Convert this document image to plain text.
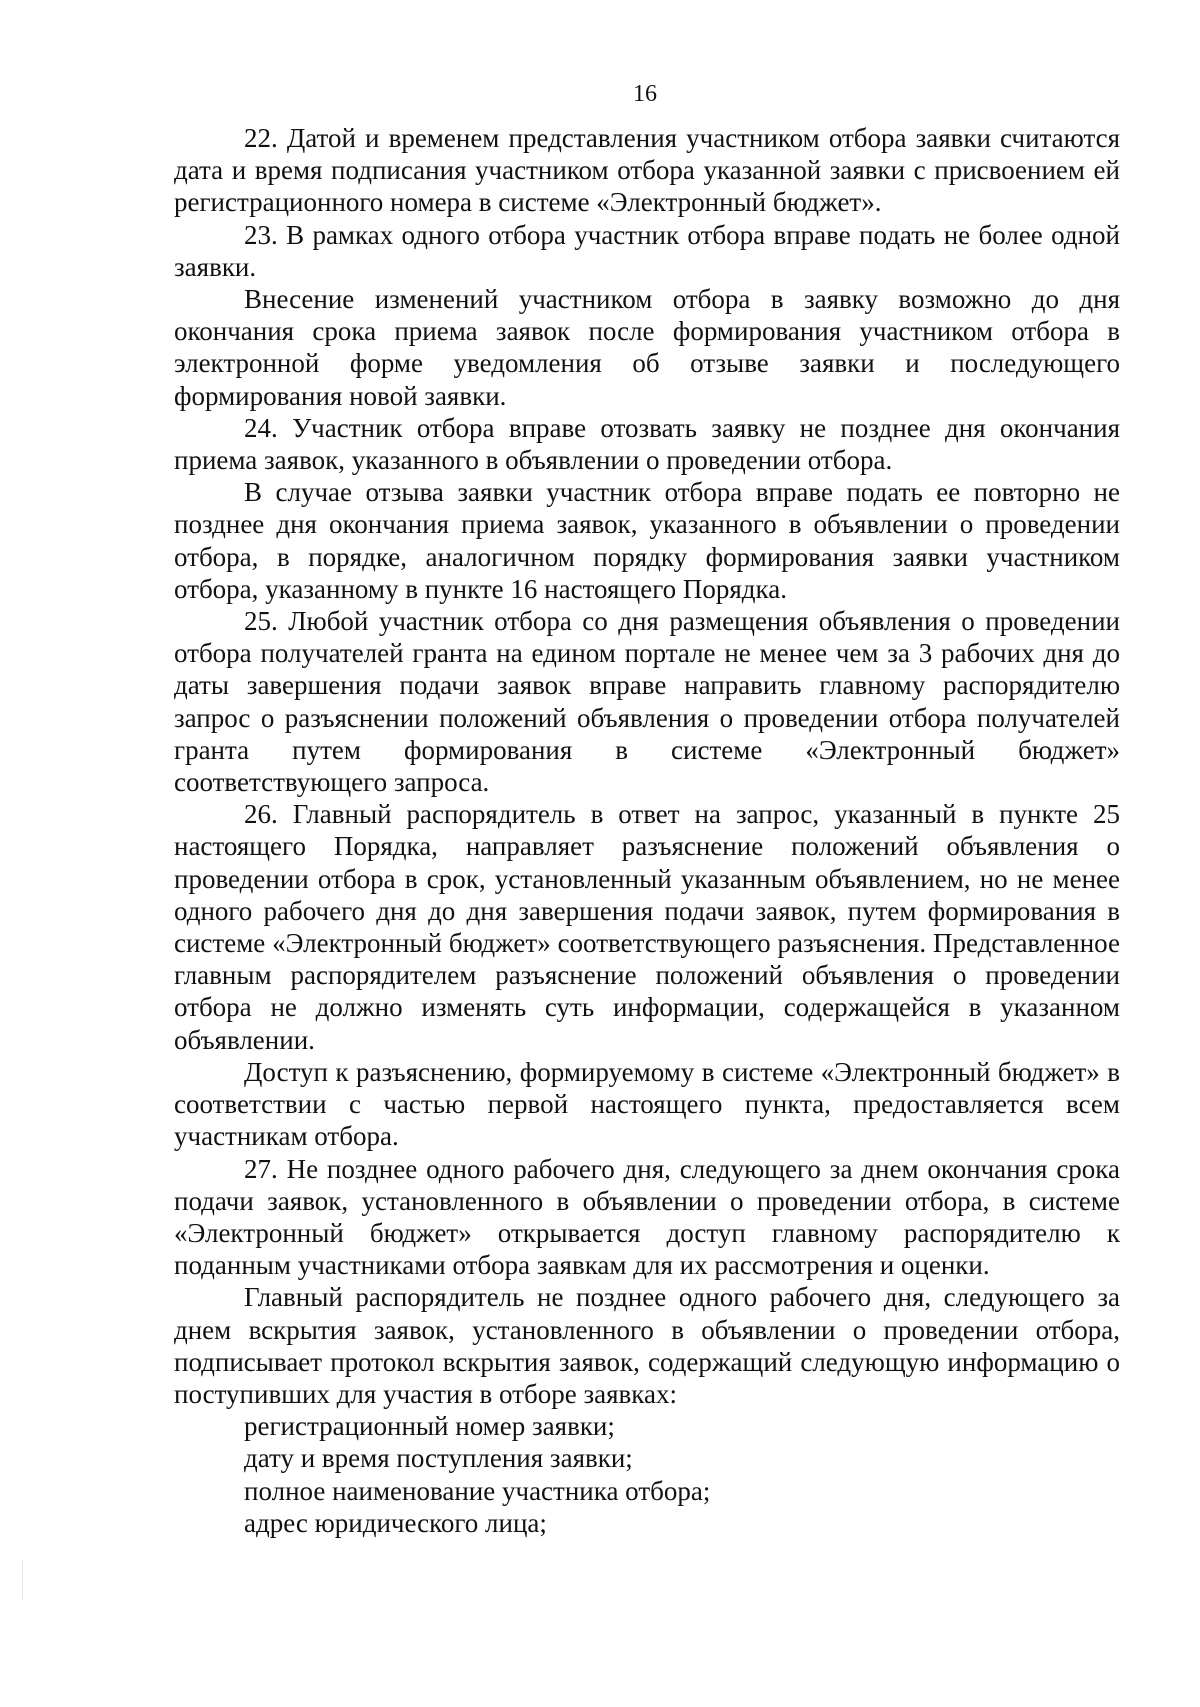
16

22. Датой и временем представления участником отбора заявки считаются дата и время подписания участником отбора указанной заявки с присвоением ей регистрационного номера в системе «Электронный бюджет».

23. В рамках одного отбора участник отбора вправе подать не более одной заявки.

Внесение изменений участником отбора в заявку возможно до дня окончания срока приема заявок после формирования участником отбора в электронной форме уведомления об отзыве заявки и последующего формирования новой заявки.

24. Участник отбора вправе отозвать заявку не позднее дня окончания приема заявок, указанного в объявлении о проведении отбора.

В случае отзыва заявки участник отбора вправе подать ее повторно не позднее дня окончания приема заявок, указанного в объявлении о проведении отбора, в порядке, аналогичном порядку формирования заявки участником отбора, указанному в пункте 16 настоящего Порядка.

25. Любой участник отбора со дня размещения объявления о проведении отбора получателей гранта на едином портале не менее чем за 3 рабочих дня до даты завершения подачи заявок вправе направить главному распорядителю запрос о разъяснении положений объявления о проведении отбора получателей гранта путем формирования в системе «Электронный бюджет» соответствующего запроса.

26. Главный распорядитель в ответ на запрос, указанный в пункте 25 настоящего Порядка, направляет разъяснение положений объявления о проведении отбора в срок, установленный указанным объявлением, но не менее одного рабочего дня до дня завершения подачи заявок, путем формирования в системе «Электронный бюджет» соответствующего разъяснения. Представленное главным распорядителем разъяснение положений объявления о проведении отбора не должно изменять суть информации, содержащейся в указанном объявлении.

Доступ к разъяснению, формируемому в системе «Электронный бюджет» в соответствии с частью первой настоящего пункта, предоставляется всем участникам отбора.

27. Не позднее одного рабочего дня, следующего за днем окончания срока подачи заявок, установленного в объявлении о проведении отбора, в системе «Электронный бюджет» открывается доступ главному распорядителю к поданным участниками отбора заявкам для их рассмотрения и оценки.

Главный распорядитель не позднее одного рабочего дня, следующего за днем вскрытия заявок, установленного в объявлении о проведении отбора, подписывает протокол вскрытия заявок, содержащий следующую информацию о поступивших для участия в отборе заявках:

регистрационный номер заявки;

дату и время поступления заявки;

полное наименование участника отбора;

адрес юридического лица;
